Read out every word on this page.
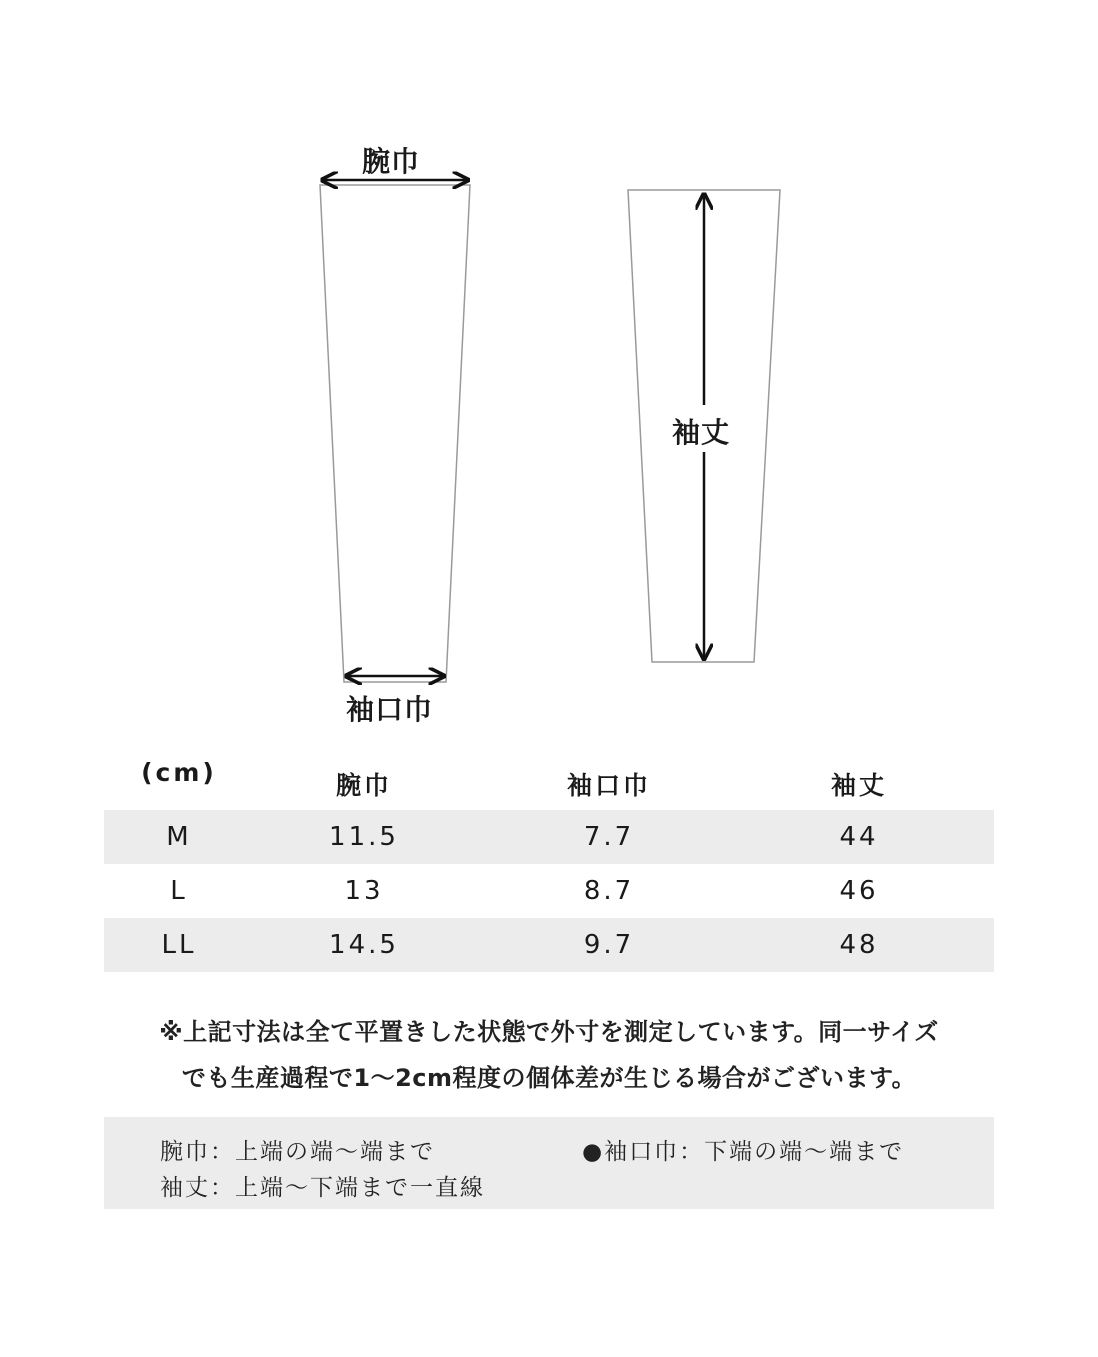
腕巾
袖口巾
袖丈
(cm)	腕巾	袖口巾	袖丈
M	11.5	7.7	44
L	13	8.7	46
LL	14.5	9.7	48
※上記寸法は全て平置きした状態で外寸を測定しています。同一サイズ
でも生産過程で1〜2cm程度の個体差が生じる場合がございます。
腕巾：上端の端〜端まで	●袖口巾：下端の端〜端まで
袖丈：上端〜下端まで一直線
